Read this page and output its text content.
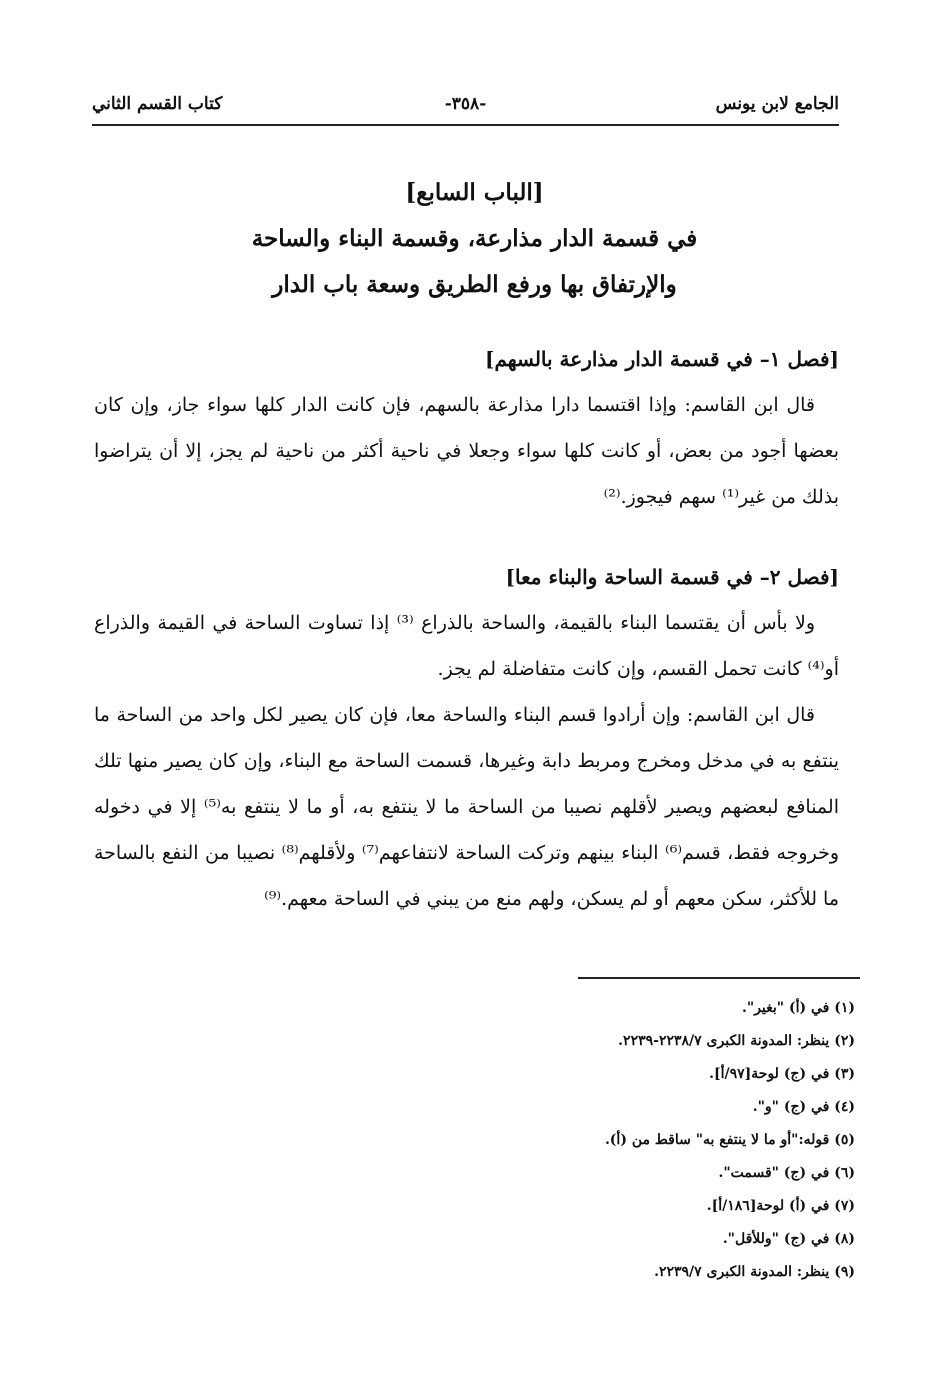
الجامع لابن يونس
-٣٥٨-
كتاب القسم الثاني
[الباب السابع]
في قسمة الدار مذارعة، وقسمة البناء والساحة
والإرتفاق بها ورفع الطريق وسعة باب الدار

[فصل ١– في قسمة الدار مذارعة بالسهم]

قال ابن القاسم: وإذا اقتسما دارا مذارعة بالسهم، فإن كانت الدار كلها سواء جاز، وإن كان بعضها أجود من بعض، أو كانت كلها سواء وجعلا في ناحية أكثر من ناحية لم يجز، إلا أن يتراضوا بذلك من غير⁽¹⁾ سهم فيجوز.⁽²⁾

[فصل ٢– في قسمة الساحة والبناء معا]

ولا بأس أن يقتسما البناء بالقيمة، والساحة بالذراع ⁽³⁾ إذا تساوت الساحة في القيمة والذراع أو⁽⁴⁾ كانت تحمل القسم، وإن كانت متفاضلة لم يجز.

قال ابن القاسم: وإن أرادوا قسم البناء والساحة معا، فإن كان يصير لكل واحد من الساحة ما ينتفع به في مدخل ومخرج ومربط دابة وغيرها، قسمت الساحة مع البناء، وإن كان يصير منها تلك المنافع لبعضهم ويصير لأقلهم نصيبا من الساحة ما لا ينتفع به، أو ما لا ينتفع به⁽⁵⁾ إلا في دخوله وخروجه فقط، قسم⁽⁶⁾ البناء بينهم وتركت الساحة لانتفاعهم⁽⁷⁾ ولأقلهم⁽⁸⁾ نصيبا من النفع بالساحة ما للأكثر، سكن معهم أو لم يسكن، ولهم منع من يبني في الساحة معهم.⁽⁹⁾

(١) في (أ) "بغير".
(٢) ينظر: المدونة الكبرى ٢٢٣٨/٧-٢٢٣٩.
(٣) في (ج) لوحة[٩٧/أ].
(٤) في (ج) "و".
(٥) قوله:"أو ما لا ينتفع به" ساقط من (أ).
(٦) في (ج) "قسمت".
(٧) في (أ) لوحة[١٨٦/أ].
(٨) في (ج) "وللأقل".
(٩) ينظر: المدونة الكبرى ٢٢٣٩/٧.
